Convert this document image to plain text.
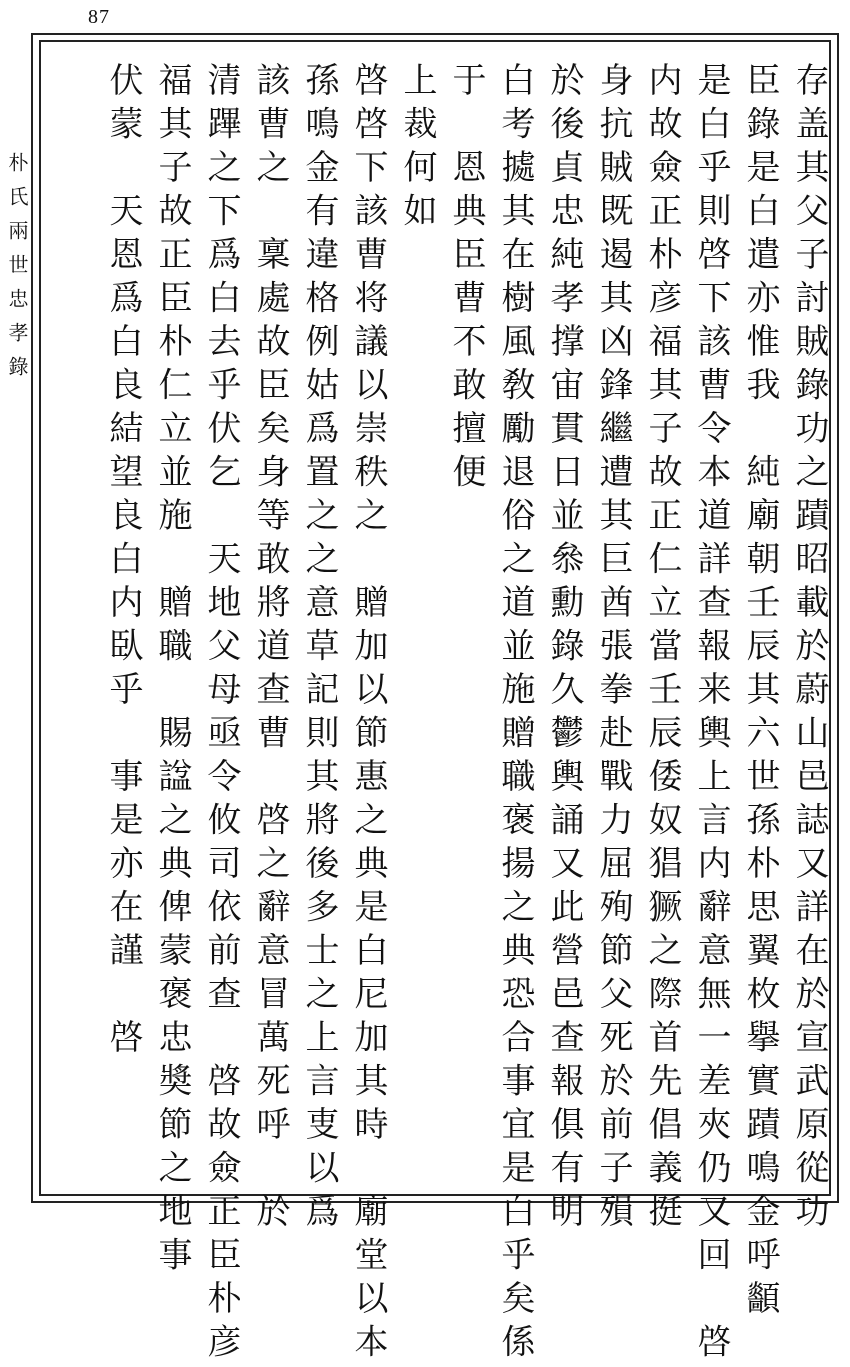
87
朴氏兩世忠孝錄	存盖其父子討賊錄功之蹟昭載於蔚山邑誌又詳在於宣武原從功
臣錄是白遣亦惟我　純廟朝壬辰其六世孫朴思翼枚擧實蹟鳴金呼顲
是白乎則啓下該曹令本道詳查報来輿上言内辭意無一差夾仍又回　啓
内故僉正朴彦福其子故正仁立當壬辰倭奴猖獗之際首先倡義挺
身抗賊既遏其凶鋒繼遭其巨酋張拳赴戰力屈殉節父死於前子殞
於後貞忠純孝撑宙貫日並叅勳錄久鬱輿誦又此營邑查報俱有明
白考㨿其在樹風敎勵退俗之道並施贈職褒揚之典恐合事宜是白乎矣係
于　恩典臣曹不敢擅便
上裁何如
啓啓下該曹将議以崇秩之　贈加以節惠之典是白尼加其時　廟堂以本
孫鳴金有違格例姑爲置之之意草記則其將後多士之上言叓以爲
該曹之　稟處故臣矣身等敢將道查曹　啓之辭意冒萬死呼　於
清蹕之下爲白去乎伏乞　天地父母亟令攸司依前查　啓故僉正臣朴彦
福其子故正臣朴仁立並施　贈職　賜諡之典俾蒙褒忠奬節之地事
伏蒙　天恩爲白良結望良白内臥乎　事是亦在謹　啓
